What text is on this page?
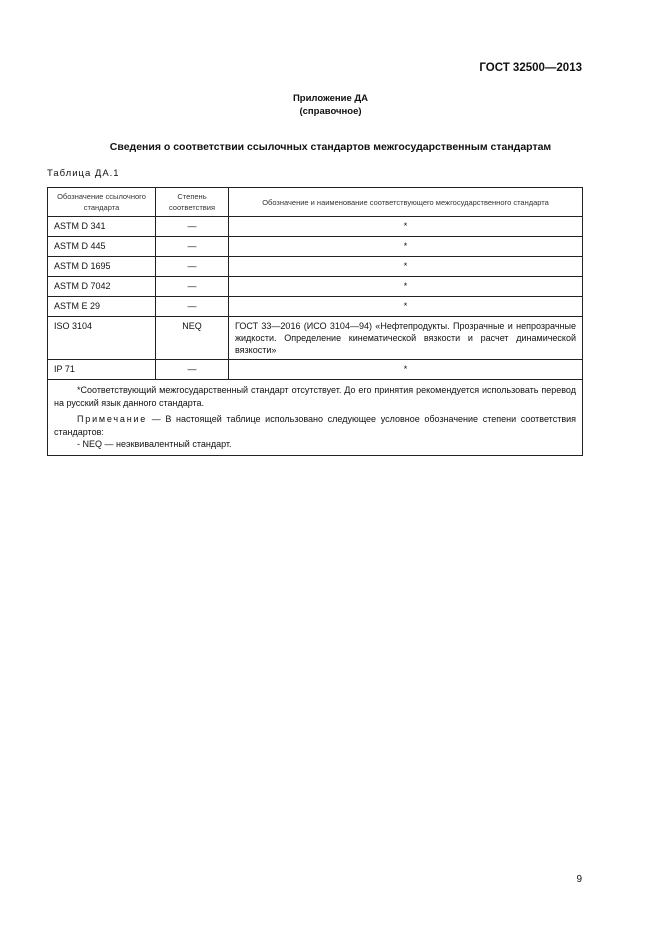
ГОСТ 32500—2013
Приложение ДА
(справочное)
Сведения о соответствии ссылочных стандартов межгосударственным стандартам
Таблица ДА.1
Обозначение ссылочного стандарта	Степень соответствия	Обозначение и наименование соответствующего межгосударственного стандарта
ASTM D 341	—	*
ASTM D 445	—	*
ASTM D 1695	—	*
ASTM D 7042	—	*
ASTM E 29	—	*
ISO 3104	NEQ	ГОСТ 33—2016 (ИСО 3104—94) «Нефтепродукты. Прозрачные и непрозрачные жидкости. Определение кинематической вязкости и расчет динамической вязкости»
IP 71	—	*

*Соответствующий межгосударственный стандарт отсутствует. До его принятия рекомендуется использовать перевод на русский язык данного стандарта.

Примечание — В настоящей таблице использовано следующее условное обозначение степени соответствия стандартов:

- NEQ — неэквивалентный стандарт.		

9
